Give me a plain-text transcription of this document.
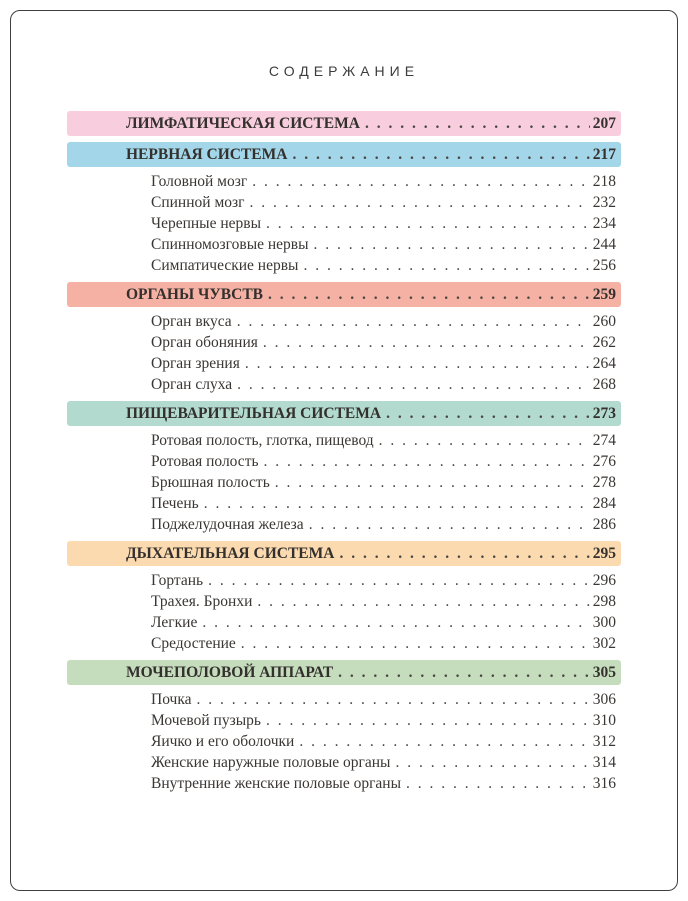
СОДЕРЖАНИЕ
ЛИМФАТИЧЕСКАЯ СИСТЕМА . . .	207
НЕРВНАЯ СИСТЕМА . . .	217
Головной мозг . . .	218
Спинной мозг . . .	232
Черепные нервы . . .	234
Спинномозговые нервы . . .	244
Симпатические нервы . . .	256
ОРГАНЫ ЧУВСТВ . . .	259
Орган вкуса . . .	260
Орган обоняния . . .	262
Орган зрения . . .	264
Орган слуха . . .	268
ПИЩЕВАРИТЕЛЬНАЯ СИСТЕМА . . .	273
Ротовая полость, глотка, пищевод . . .	274
Ротовая полость . . .	276
Брюшная полость . . .	278
Печень . . .	284
Поджелудочная железа . . .	286
ДЫХАТЕЛЬНАЯ СИСТЕМА . . .	295
Гортань . . .	296
Трахея. Бронхи . . .	298
Легкие . . .	300
Средостение . . .	302
МОЧЕПОЛОВОЙ АППАРАТ . . .	305
Почка . . .	306
Мочевой пузырь . . .	310
Яичко и его оболочки . . .	312
Женские наружные половые органы . . .	314
Внутренние женские половые органы . . .	316
